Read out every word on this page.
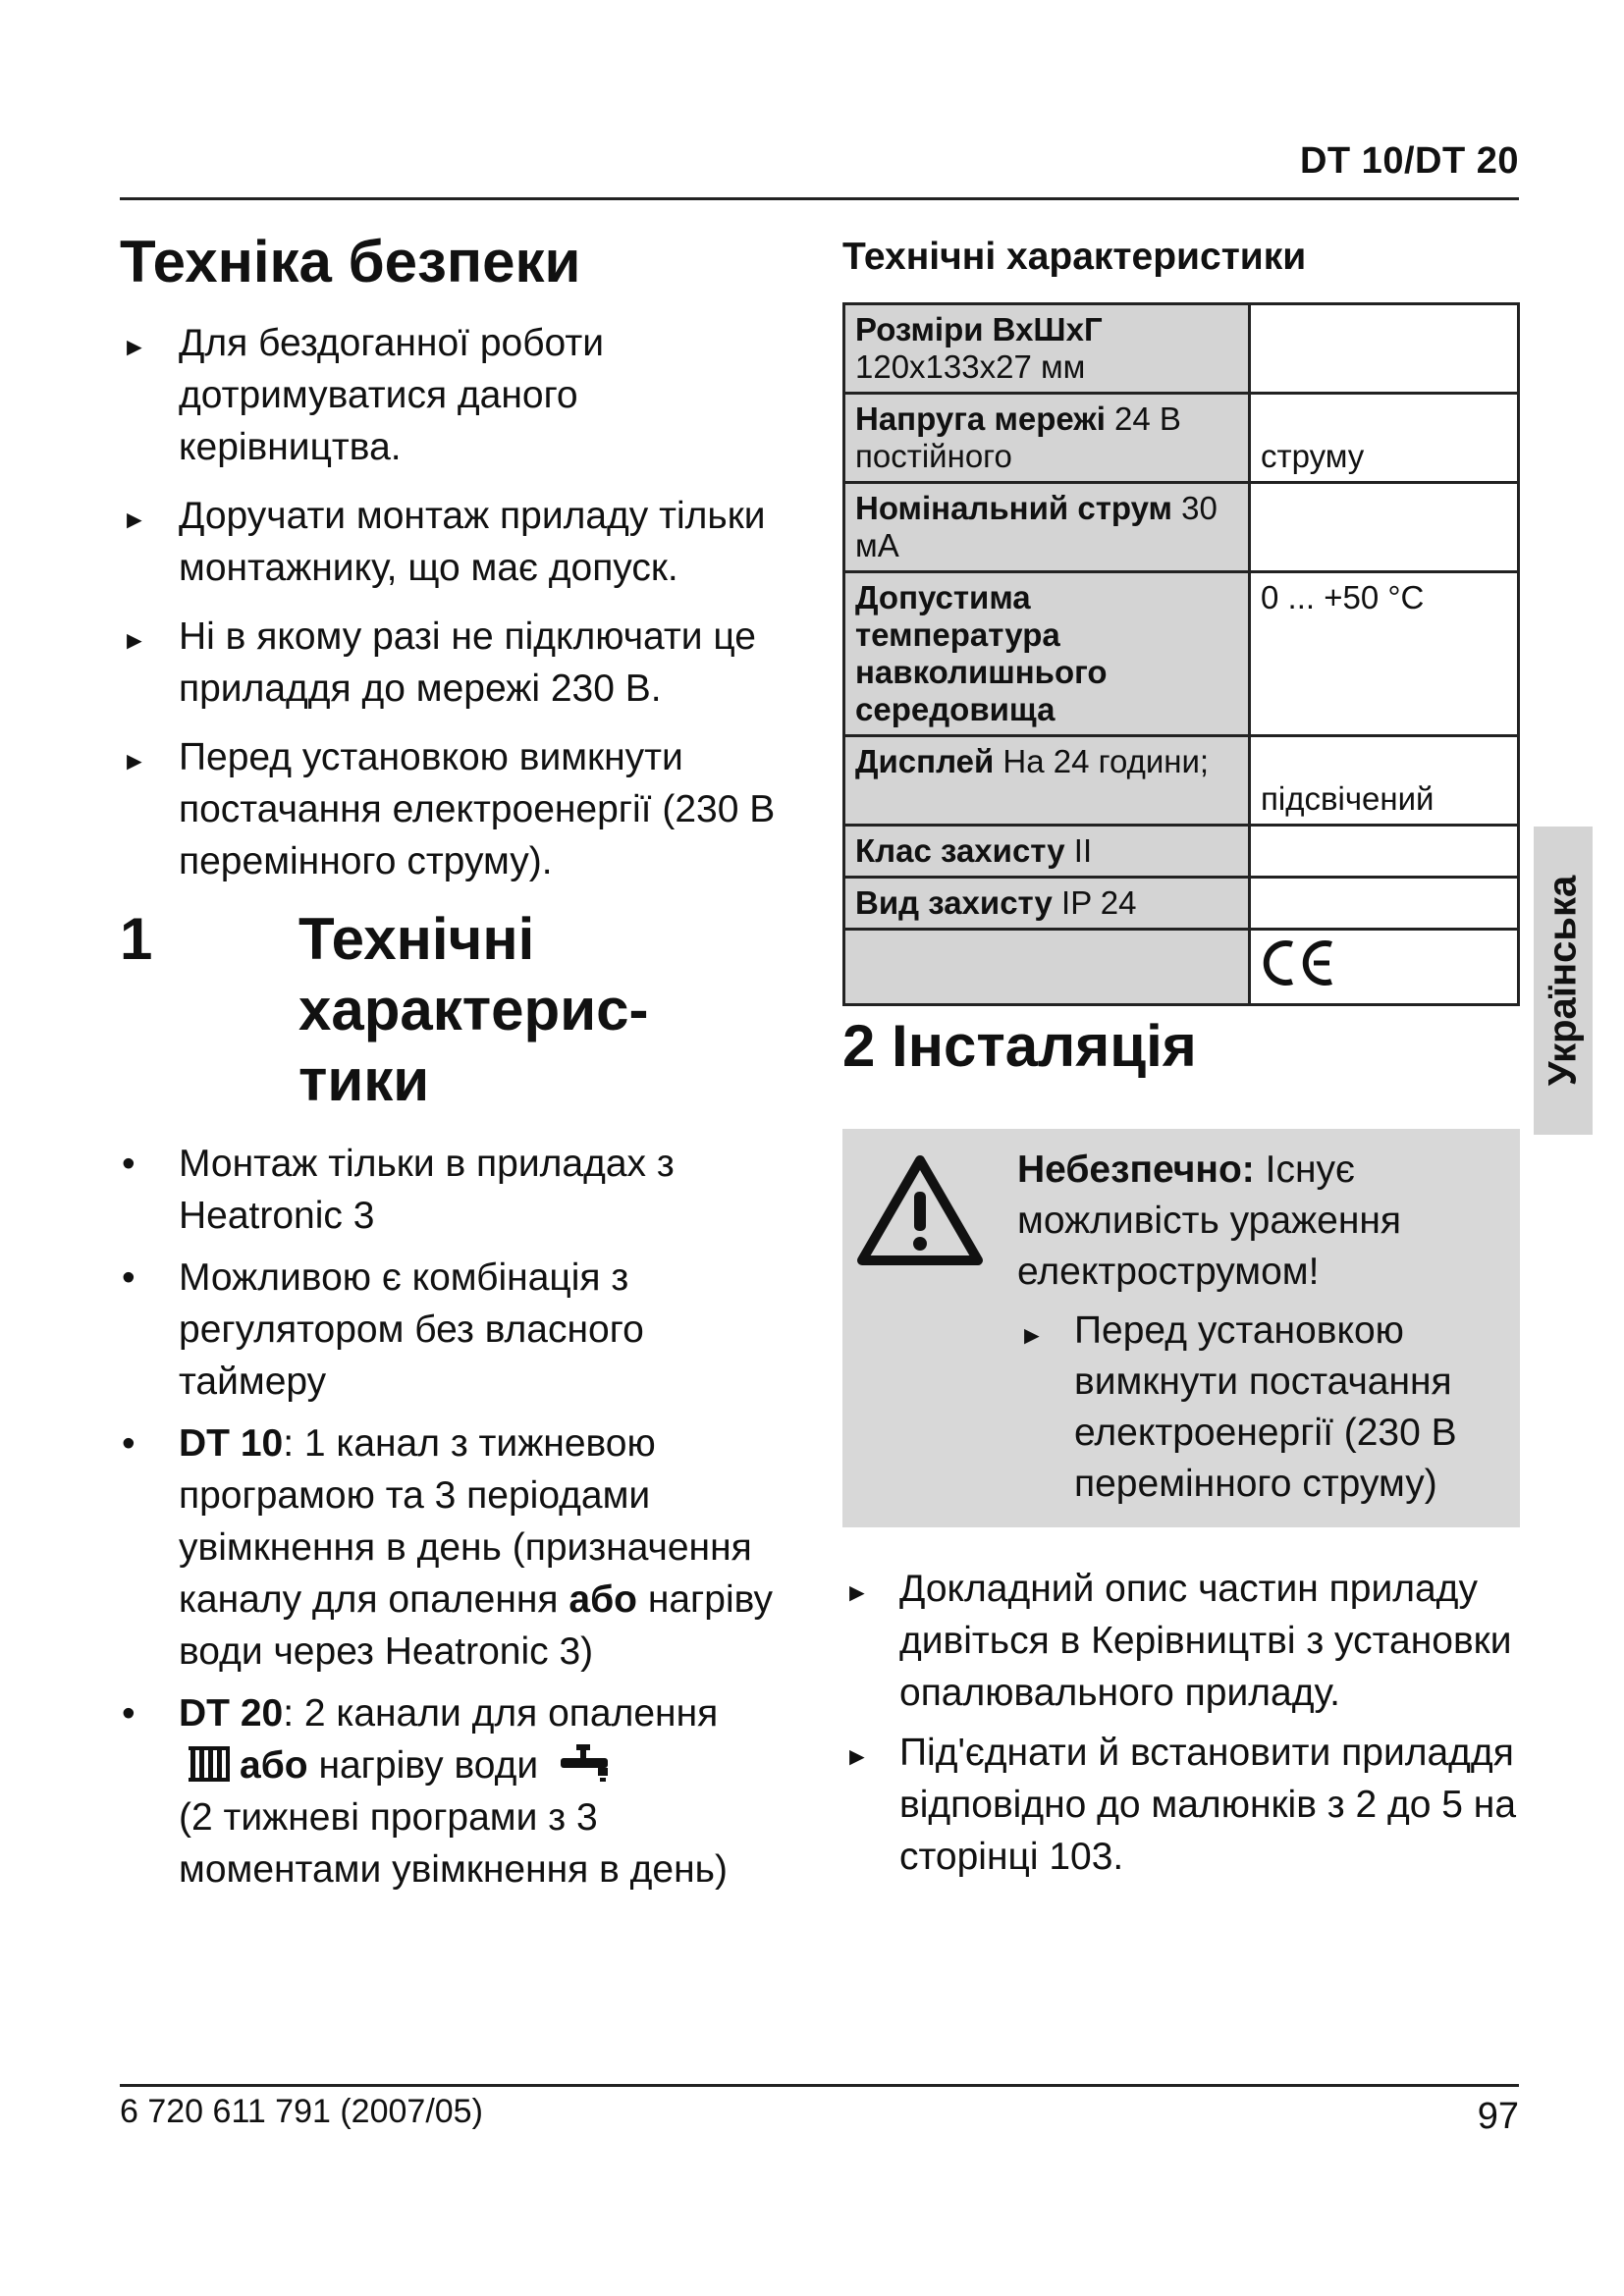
DT 10/DT 20
Техніка безпеки
► Для бездоганної роботи дотримуватися даного керівництва.
► Доручати монтаж приладу тільки монтажнику, що має допуск.
► Ні в якому разі не підключати це приладдя до мережі 230 В.
► Перед установкою вимкнути постачання електроенергії (230 В перемінного струму).
1	Технічні характерис-тики
• Монтаж тільки в приладах з Heatronic 3
• Можливою є комбінація з регулятором без власного таймеру
• DT 10: 1 канал з тижневою програмою та 3 періодами увімкнення в день (призначення каналу для опалення або нагріву води через Heatronic 3)
• DT 20: 2 канали для опалення
або нагріву води
(2 тижневі програми з 3 моментами увімкнення в день)
Технічні характеристики
Розміри ВхШхГ 120x133x27 мм	
Напруга мережі 24 В постійного	струму
Номінальний струм 30 мА	
Допустима температура навколишнього середовища	0 ... +50 °C
Дисплей На 24 години;	підсвічений
Клас захисту II	
Вид захисту IP 24	

2 Інсталяція
Небезпечно: Існує можливість ураження електрострумом!
► Перед установкою вимкнути постачання електроенергії (230 В перемінного струму)
► Докладний опис частин приладу дивіться в Керівництві з установки опалювального приладу.
► Під'єднати й встановити приладдя відповідно до малюнків з 2 до 5 на сторінці 103.
Українська
6 720 611 791 (2007/05)	97
